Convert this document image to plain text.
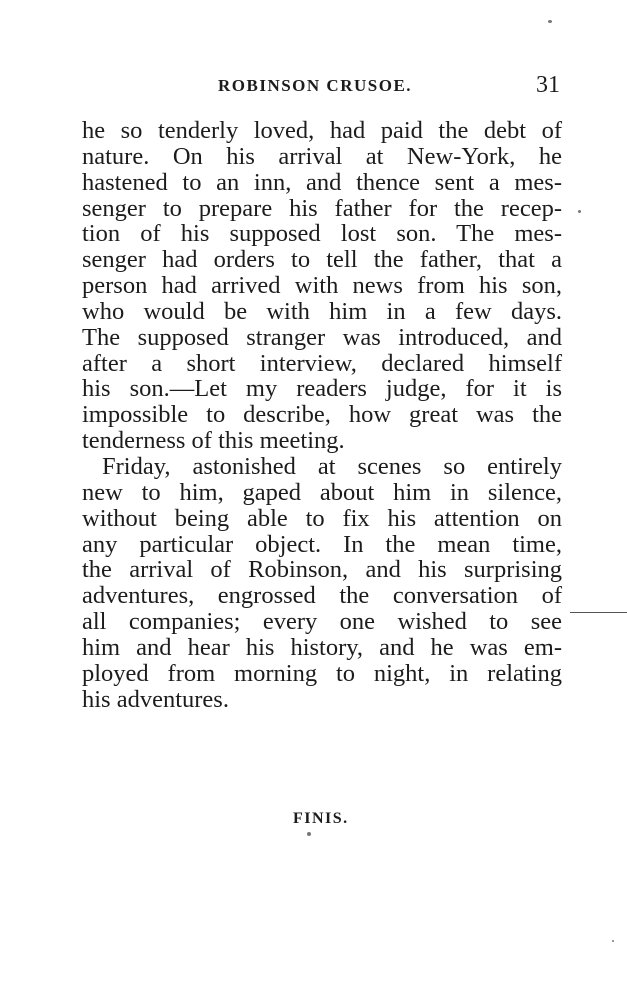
ROBINSON CRUSOE.	31
he so tenderly loved, had paid the debt of
nature. On his arrival at New-York, he
hastened to an inn, and thence sent a mes-
senger to prepare his father for the recep-
tion of his supposed lost son. The mes-
senger had orders to tell the father, that a
person had arrived with news from his son,
who would be with him in a few days.
The supposed stranger was introduced, and
after a short interview, declared himself
his son.—Let my readers judge, for it is
impossible to describe, how great was the
tenderness of this meeting.
Friday, astonished at scenes so entirely
new to him, gaped about him in silence,
without being able to fix his attention on
any particular object. In the mean time,
the arrival of Robinson, and his surprising
adventures, engrossed the conversation of
all companies; every one wished to see
him and hear his history, and he was em-
ployed from morning to night, in relating
his adventures.
FINIS.
